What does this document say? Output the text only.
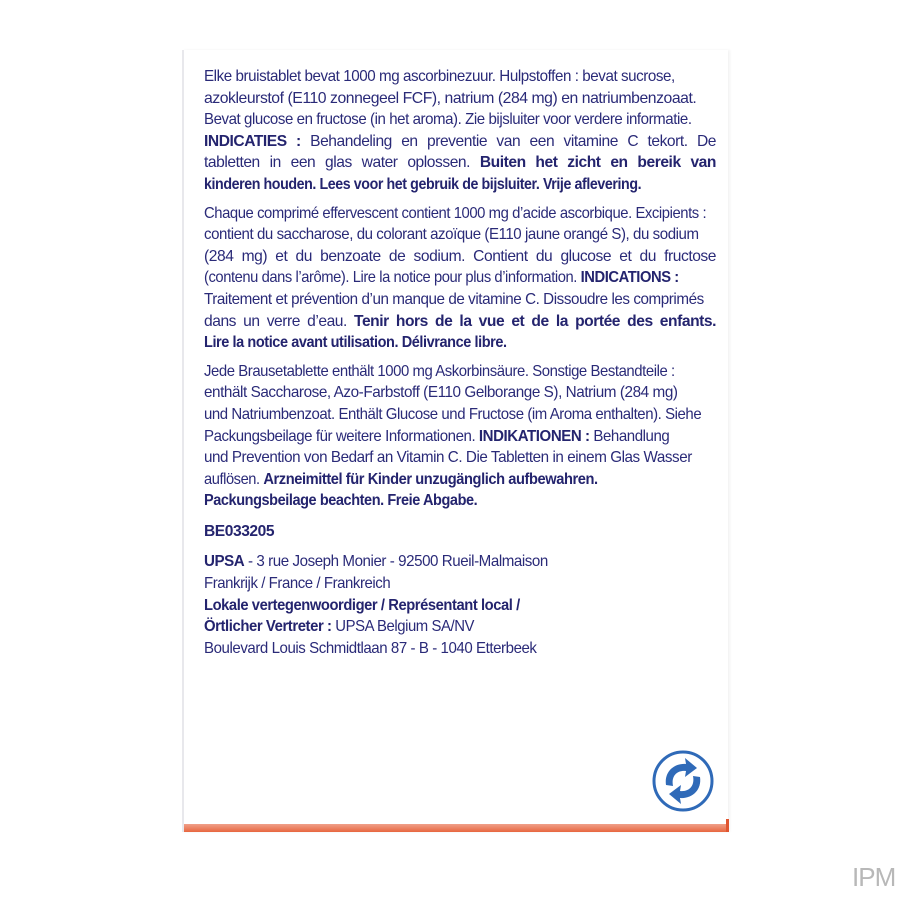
Elke bruistablet bevat 1000 mg ascorbinezuur. Hulpstoffen : bevat sucrose,
azokleurstof (E110 zonnegeel FCF), natrium (284 mg) en natriumbenzoaat.
Bevat glucose en fructose (in het aroma). Zie bijsluiter voor verdere informatie.
INDICATIES : Behandeling en preventie van een vitamine C tekort. De
tabletten in een glas water oplossen. Buiten het zicht en bereik van
kinderen houden. Lees voor het gebruik de bijsluiter. Vrije aflevering.
Chaque comprimé effervescent contient 1000 mg d’acide ascorbique. Excipients :
contient du saccharose, du colorant azoïque (E110 jaune orangé S), du sodium
(284 mg) et du benzoate de sodium. Contient du glucose et du fructose
(contenu dans l’arôme). Lire la notice pour plus d’information. INDICATIONS :
Traitement et prévention d’un manque de vitamine C. Dissoudre les comprimés
dans un verre d’eau. Tenir hors de la vue et de la portée des enfants.
Lire la notice avant utilisation. Délivrance libre.
Jede Brausetablette enthält 1000 mg Askorbinsäure. Sonstige Bestandteile :
enthält Saccharose, Azo-Farbstoff (E110 Gelborange S), Natrium (284 mg)
und Natriumbenzoat. Enthält Glucose und Fructose (im Aroma enthalten). Siehe
Packungsbeilage für weitere Informationen. INDIKATIONEN : Behandlung
und Prevention von Bedarf an Vitamin C. Die Tabletten in einem Glas Wasser
auflösen. Arzneimittel für Kinder unzugänglich aufbewahren.
Packungsbeilage beachten. Freie Abgabe.
BE033205
UPSA - 3 rue Joseph Monier - 92500 Rueil-Malmaison
Frankrijk / France / Frankreich
Lokale vertegenwoordiger / Représentant local /
Örtlicher Vertreter : UPSA Belgium SA/NV
Boulevard Louis Schmidtlaan 87 - B - 1040 Etterbeek
IPM
